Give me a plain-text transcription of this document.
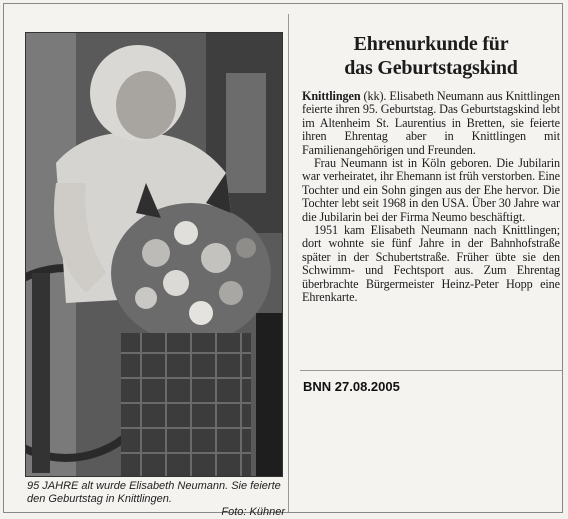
95 JAHRE alt wurde Elisabeth Neumann. Sie feierte den Geburtstag in Knittlingen.
Foto: Kühner
Ehrenurkunde für
das Geburtstagskind

Knittlingen (kk). Elisabeth Neumann aus Knittlingen feierte ihren 95. Geburtstag. Das Geburtstagskind lebt im Altenheim St. Laurentius in Bretten, sie feierte ihren Ehrentag aber in Knittlingen mit Familienangehörigen und Freunden.

Frau Neumann ist in Köln geboren. Die Jubilarin war verheiratet, ihr Ehemann ist früh verstorben. Eine Tochter und ein Sohn gingen aus der Ehe hervor. Die Tochter lebt seit 1968 in den USA. Über 30 Jahre war die Jubilarin bei der Firma Neumo beschäftigt.

1951 kam Elisabeth Neumann nach Knittlingen; dort wohnte sie fünf Jahre in der Bahnhofstraße später in der Schubertstraße. Früher übte sie den Schwimm- und Fechtsport aus. Zum Ehrentag überbrachte Bürgermeister Heinz-Peter Hopp eine Ehrenkarte.

BNN 27.08.2005
